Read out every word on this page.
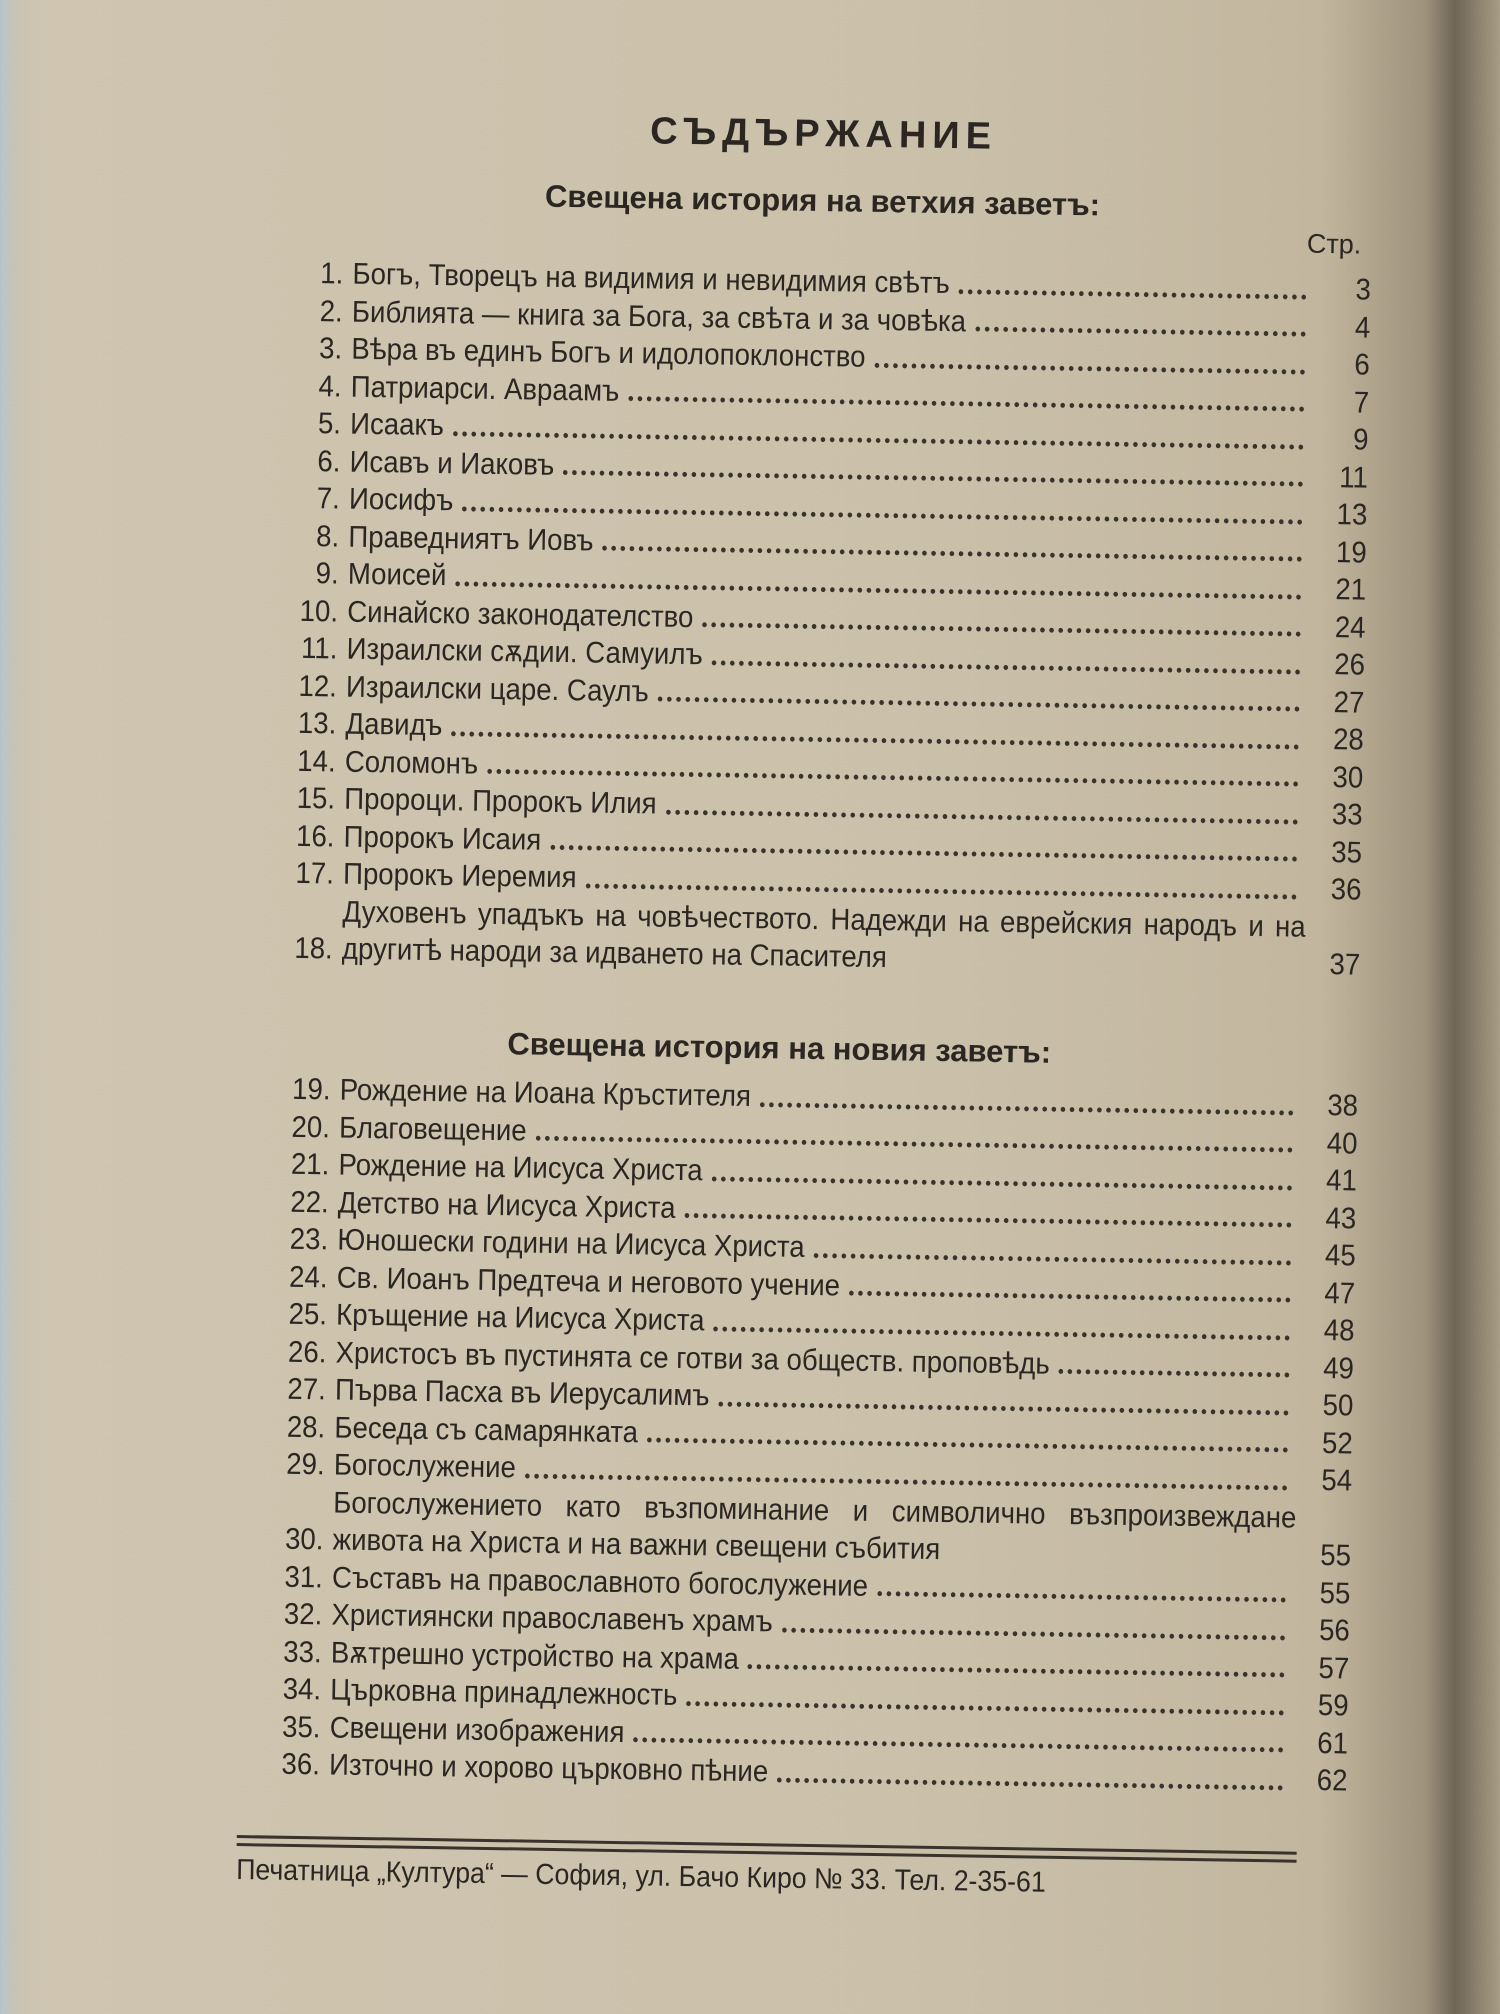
СЪДЪРЖАНИЕ
Свещена история на ветхия заветъ:
Стр.
1. Богъ, Творецъ на видимия и невидимия свѣтъ	3
2. Библията — книга за Бога, за свѣта и за човѣка	4
3. Вѣра въ единъ Богъ и идолопоклонство	6
4. Патриарси. Авраамъ	7
5. Исаакъ	9
6. Исавъ и Иаковъ	11
7. Иосифъ	13
8. Праведниятъ Иовъ	19
9. Моисей	21
10. Синайско законодателство	24
11. Израилски сѫдии. Самуилъ	26
12. Израилски царе. Саулъ	27
13. Давидъ	28
14. Соломонъ	30
15. Пророци. Пророкъ Илия	33
16. Пророкъ Исаия	35
17. Пророкъ Иеремия	36
18.
Духовенъ упадъкъ на човѣчеството. Надежди на еврейския народъ и на другитѣ народи за идването на Спасителя	37
Свещена история на новия заветъ:
19. Рождение на Иоана Кръстителя	38
20. Благовещение	40
21. Рождение на Иисуса Христа	41
22. Детство на Иисуса Христа	43
23. Юношески години на Иисуса Христа	45
24. Св. Иоанъ Предтеча и неговото учение	47
25. Кръщение на Иисуса Христа	48
26. Христосъ въ пустинята се готви за обществ. проповѣдь	49
27. Първа Пасха въ Иерусалимъ	50
28. Беседа съ самарянката	52
29. Богослужение	54
30.
Богослужението като възпоминание и символично възпроизвеждане живота на Христа и на важни свещени събития	55
31. Съставъ на православното богослужение	55
32. Християнски православенъ храмъ	56
33. Вѫтрешно устройство на храма	57
34. Църковна принадлежность	59
35. Свещени изображения	61
36. Източно и хорово църковно пѣние	62
Печатница „Култура“ — София, ул. Бачо Киро № 33. Тел. 2-35-61
